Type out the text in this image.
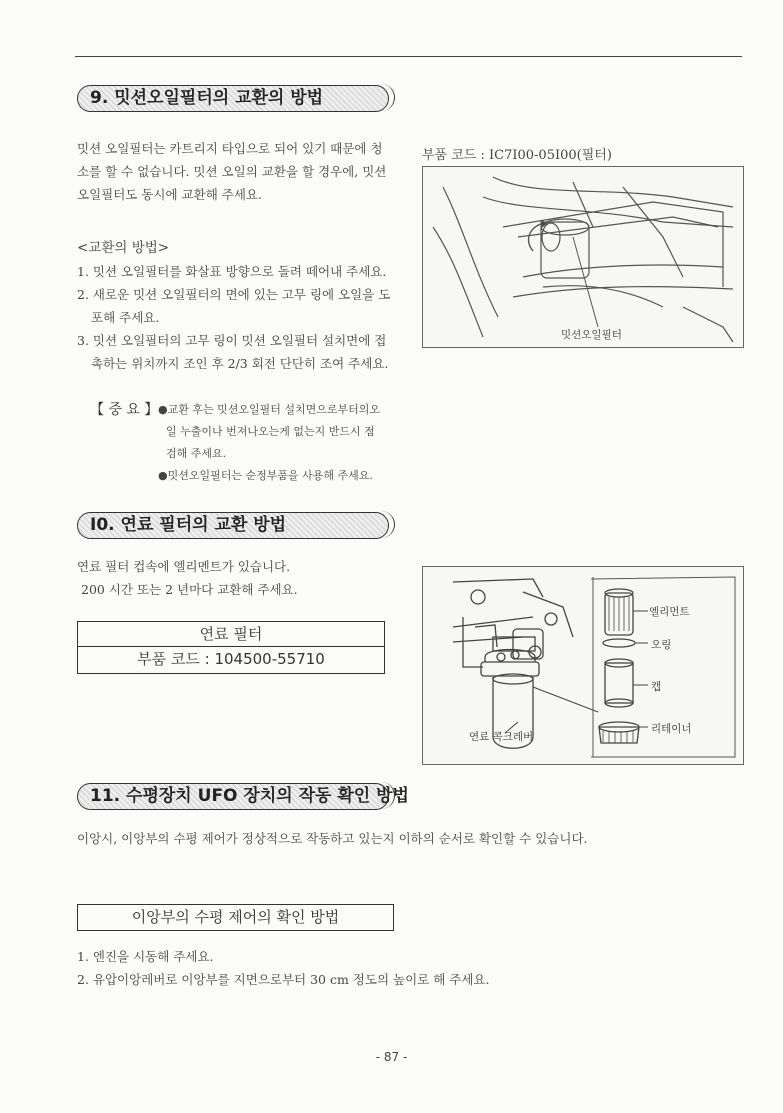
9. 밋션오일필터의 교환의 방법
밋션 오일필터는 카트리지 타입으로 되어 있기 때문에 청
소를 할 수 없습니다. 밋션 오일의 교환을 할 경우에, 밋션
오일필터도 동시에 교환해 주세요.
<교환의 방법>
1. 밋션 오일필터를 화살표 방향으로 돌려 떼어내 주세요.
2. 새로운 밋션 오일필터의 면에 있는 고무 링에 오일을 도
포해 주세요.
3. 밋션 오일필터의 고무 링이 밋션 오일필터 설치면에 접
촉하는 위치까지 조인 후 2/3 회전 단단히 조여 주세요.
【 중 요 】 ●교환 후는 밋션오일필터 설치면으로부터의오
일 누출이나 번져나오는게 없는지 반드시 점
검해 주세요.
●밋션오일필터는 순정부품을 사용해 주세요.
부품 코드 : IC7I00-05I00(필터)
밋션오일필터
I0. 연료 필터의 교환 방법
연료 필터 컵속에 엘리멘트가 있습니다.
200 시간 또는 2 년마다 교환해 주세요.
연료 필터
부품 코드 : 104500-55710
엘리먼트
오링
캡
리테이너
연료 콕크레버
11. 수평장치 UFO 장치의 작동 확인 방법
이앙시, 이앙부의 수평 제어가 정상적으로 작동하고 있는지 이하의 순서로 확인할 수 있습니다.
이앙부의 수평 제어의 확인 방법
1. 엔진을 시동해 주세요.
2. 유압이앙레버로 이앙부를 지면으로부터 30 cm 정도의 높이로 해 주세요.
- 87 -
